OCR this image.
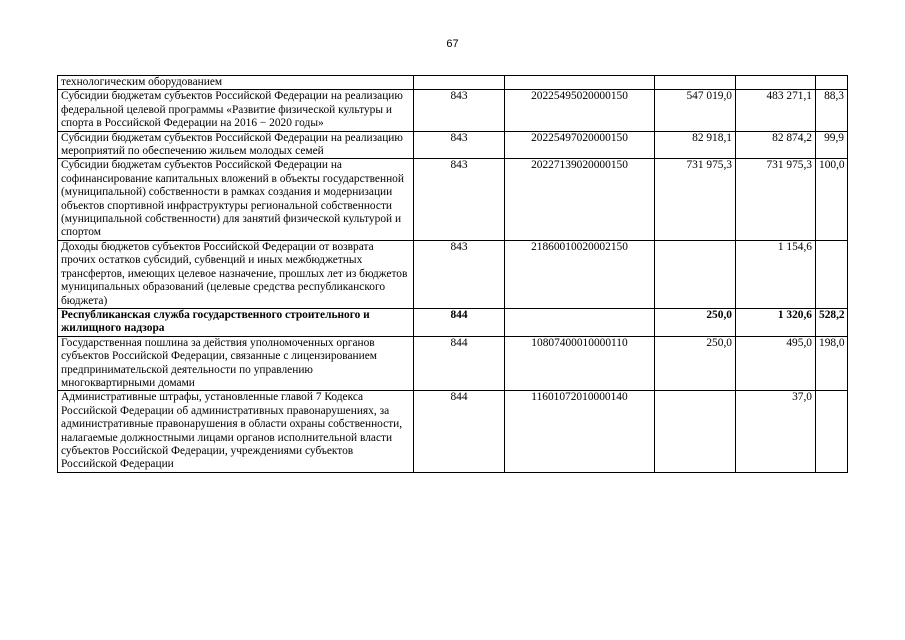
67
технологическим оборудованием					
Субсидии бюджетам субъектов Российской Федерации на реализацию федеральной целевой программы «Развитие физической культуры и спорта в Российской Федерации на 2016 − 2020 годы»	843	20225495020000150	547 019,0	483 271,1	88,3
Субсидии бюджетам субъектов Российской Федерации на реализацию мероприятий по обеспечению жильем молодых семей	843	20225497020000150	82 918,1	82 874,2	99,9
Субсидии бюджетам субъектов Российской Федерации на софинансирование капитальных вложений в объекты государственной (муниципальной) собственности в рамках создания и модернизации объектов спортивной инфраструктуры региональной собственности (муниципальной собственности) для занятий физической культурой и спортом	843	20227139020000150	731 975,3	731 975,3	100,0
Доходы бюджетов субъектов Российской Федерации от возврата прочих остатков субсидий, субвенций и иных межбюджетных трансфертов, имеющих целевое назначение, прошлых лет из бюджетов муниципальных образований (целевые средства республиканского бюджета)	843	21860010020002150		1 154,6	
Республиканская служба государственного строительного и жилищного надзора	844		250,0	1 320,6	528,2
Государственная пошлина за действия уполномоченных органов субъектов Российской Федерации, связанные с лицензированием предпринимательской деятельности по управлению многоквартирными домами	844	10807400010000110	250,0	495,0	198,0
Административные штрафы, установленные главой 7 Кодекса Российской Федерации об административных правонарушениях, за административные правонарушения в области охраны собственности, налагаемые должностными лицами органов исполнительной власти субъектов Российской Федерации, учреждениями субъектов Российской Федерации	844	11601072010000140		37,0	
